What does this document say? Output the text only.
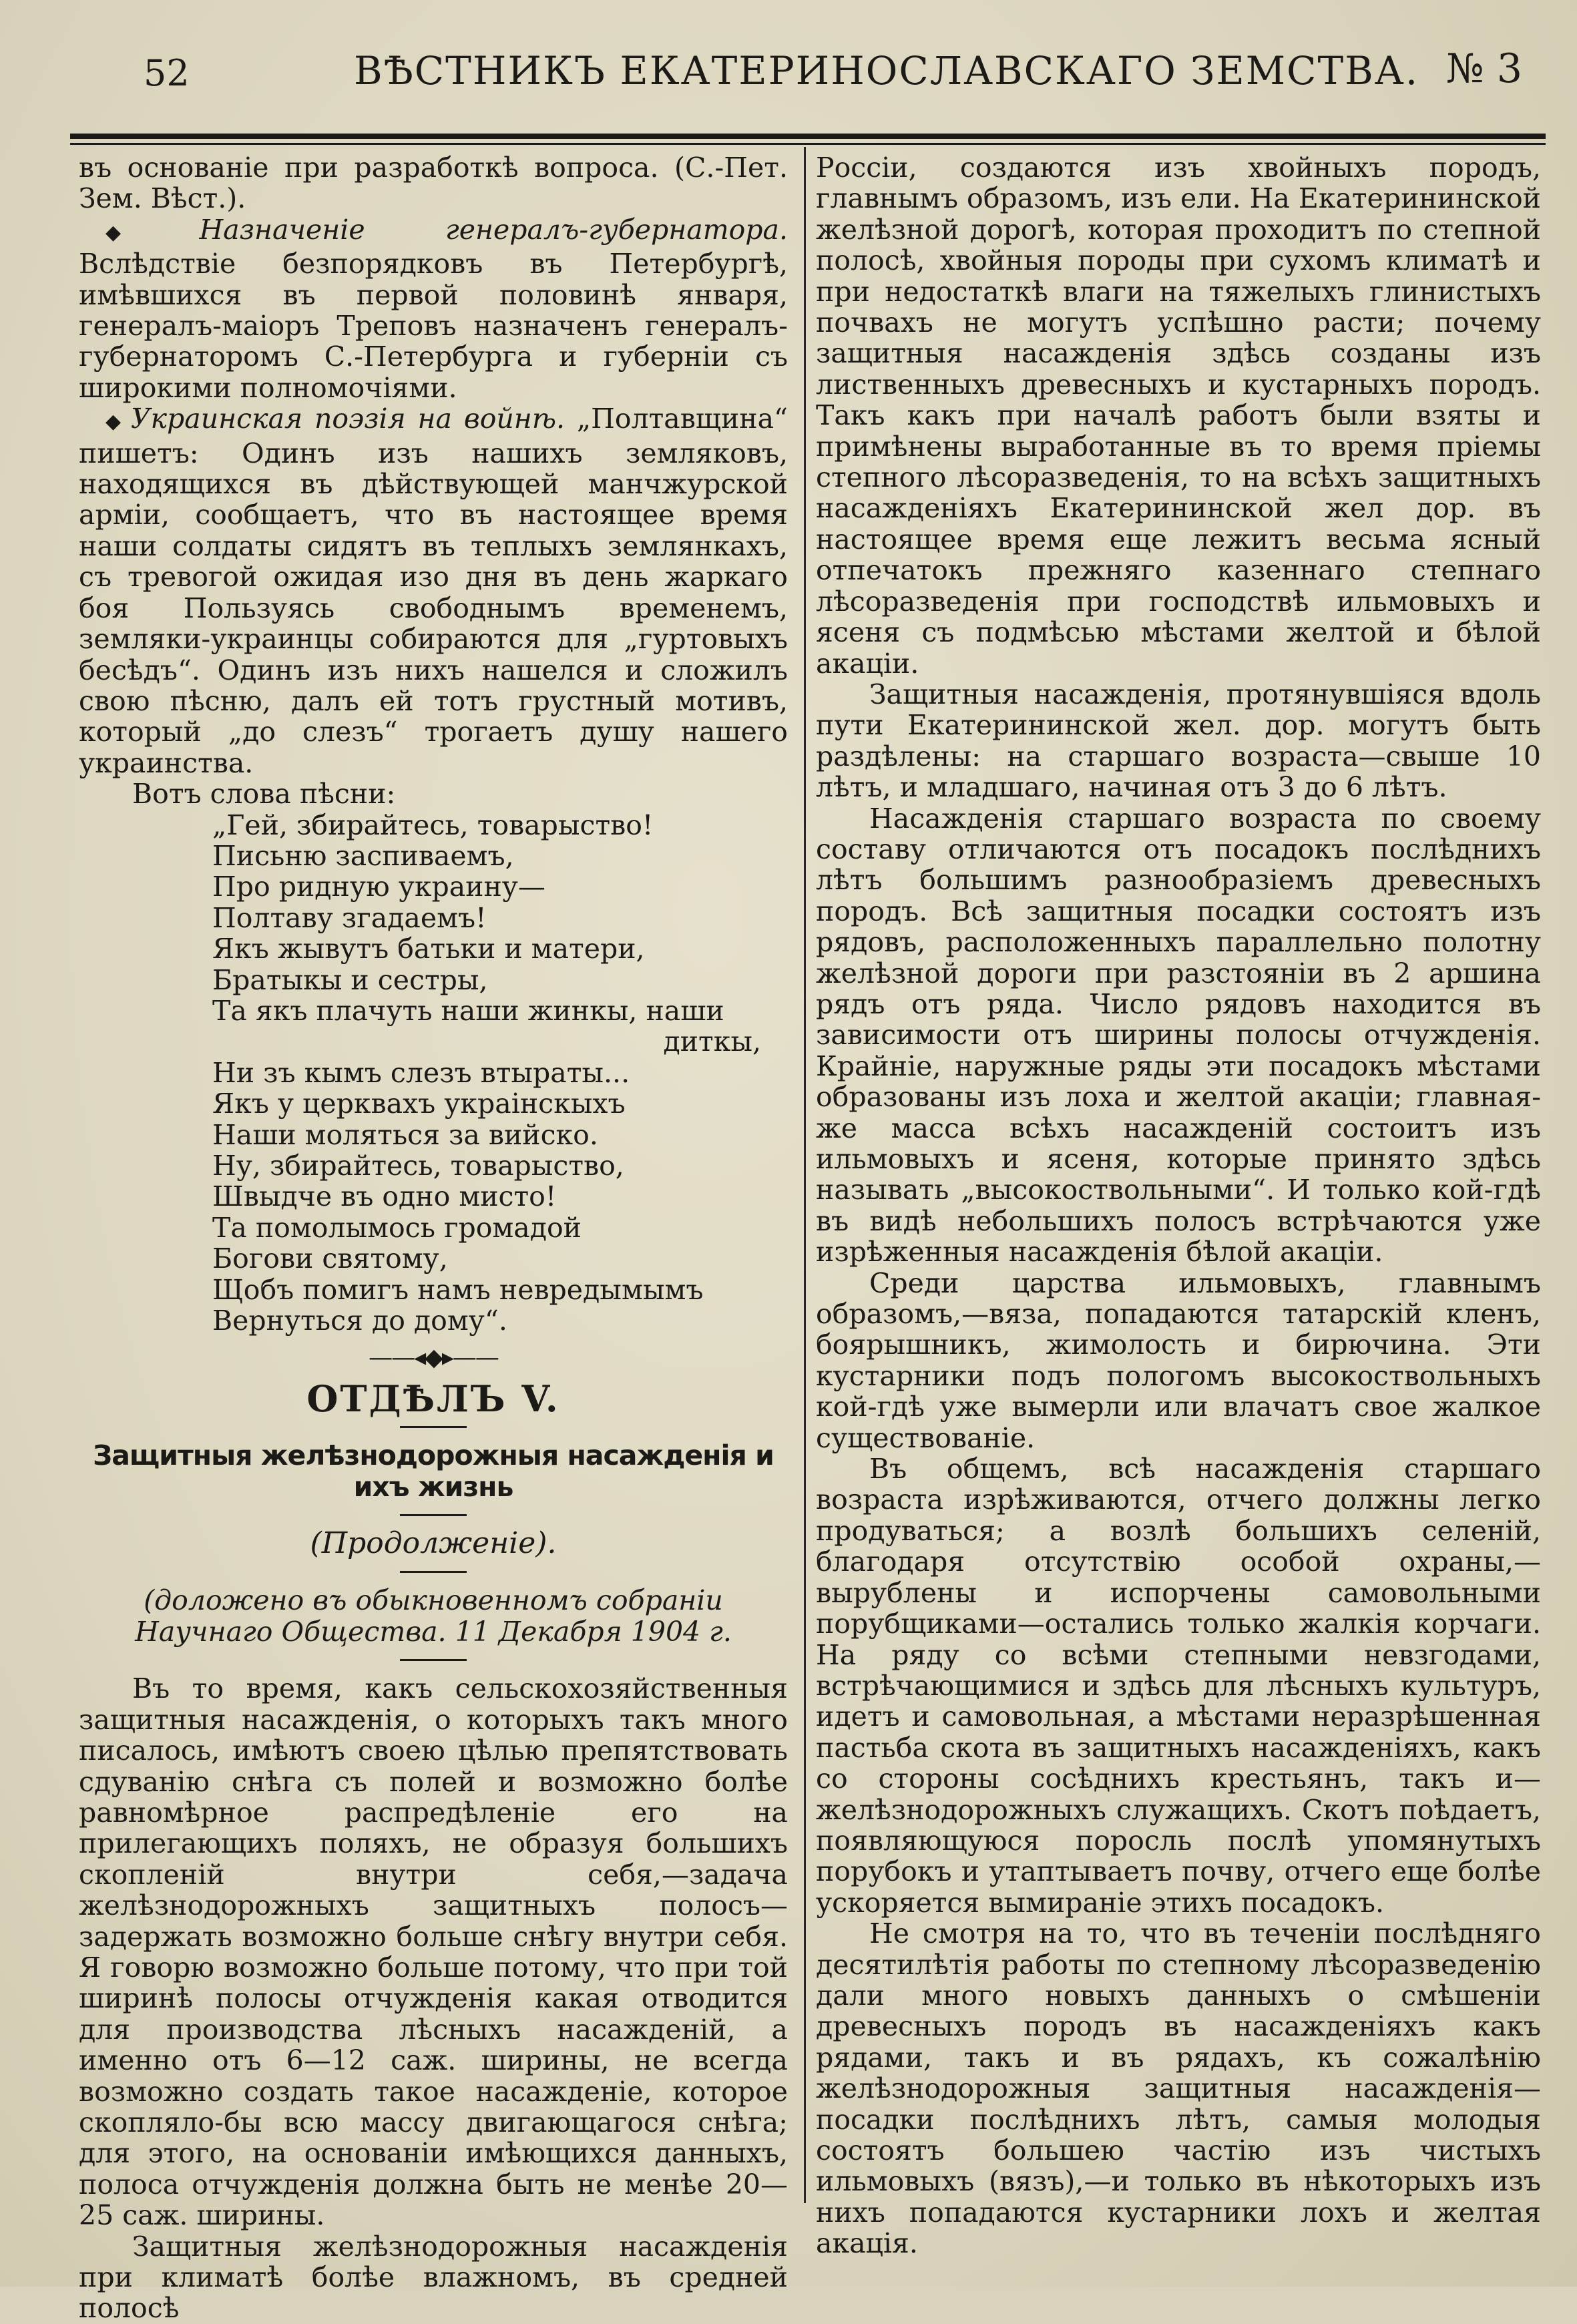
52	ВѢСТНИКЪ ЕКАТЕРИНОСЛАВСКАГО ЗЕМСТВА. № 3

въ основаніе при разработкѣ вопроса. (С.-Пет. Зем. Вѣст.).

◆ Назначеніе генералъ-губернатора. Вслѣдствіе безпорядковъ въ Петербургѣ, имѣвшихся въ первой половинѣ января, генералъ-маіоръ Треповъ назначенъ генералъ-губернаторомъ С.-Петербурга и губерніи съ широкими полномочіями.

◆ Украинская поэзія на войнѣ. „Полтавщина“ пишетъ: Одинъ изъ нашихъ земляковъ, находящихся въ дѣйствующей манчжурской арміи, сообщаетъ, что въ настоящее время наши солдаты сидятъ въ теплыхъ землянкахъ, съ тревогой ожидая изо дня въ день жаркаго боя Пользуясь свободнымъ временемъ, земляки-украинцы собираются для „гуртовыхъ бесѣдъ“. Одинъ изъ нихъ нашелся и сложилъ свою пѣсню, далъ ей тотъ грустный мотивъ, который „до слезъ“ трогаетъ душу нашего украинства.

Вотъ слова пѣсни:

„Гей, збирайтесь, товарыство!

Письню заспиваемъ,

Про ридную украину—

Полтаву згадаемъ!

Якъ жывутъ батьки и матери,

Братыкы и сестры,

Та якъ плачуть наши жинкы, наши

диткы,

Ни зъ кымъ слезъ втыраты...

Якъ у церквахъ украінскыхъ

Наши моляться за вийско.

Ну, збирайтесь, товарыство,

Швыдче въ одно мисто!

Та помолымось громадой

Богови святому,

Щобъ помигъ намъ невредымымъ

Вернуться до дому“.

——◂◆▸——

ОТДѢЛЪ V.

Защитныя желѣзнодорожныя насажденія и ихъ жизнь

(Продолженіе).

(доложено въ обыкновенномъ собраніи Научнаго Общества. 11 Декабря 1904 г.

Въ то время, какъ сельскохозяйственныя защитныя насажденія, о которыхъ такъ много писалось, имѣютъ своею цѣлью препятствовать сдуванію снѣга съ полей и возможно болѣе равномѣрное распредѣленіе его на прилегающихъ поляхъ, не образуя большихъ скопленій внутри себя,—задача желѣзнодорожныхъ защитныхъ полосъ—задержать возможно больше снѣгу внутри себя. Я говорю возможно больше потому, что при той ширинѣ полосы отчужденія какая отводится для производства лѣсныхъ насажденій, а именно отъ 6—12 саж. ширины, не всегда возможно создать такое насажденіе, которое скопляло-бы всю массу двигающагося снѣга; для этого, на основаніи имѣющихся данныхъ, полоса отчужденія должна быть не менѣе 20—25 саж. ширины.

Защитныя желѣзнодорожныя насажденія при климатѣ болѣе влажномъ, въ средней полосѣ

Россіи, создаются изъ хвойныхъ породъ, главнымъ образомъ, изъ ели. На Екатерининской желѣзной дорогѣ, которая проходитъ по степной полосѣ, хвойныя породы при сухомъ климатѣ и при недостаткѣ влаги на тяжелыхъ глинистыхъ почвахъ не могутъ успѣшно расти; почему защитныя насажденія здѣсь созданы изъ лиственныхъ древесныхъ и кустарныхъ породъ. Такъ какъ при началѣ работъ были взяты и примѣнены выработанные въ то время пріемы степного лѣсоразведенія, то на всѣхъ защитныхъ насажденіяхъ Екатерининской жел дор. въ настоящее время еще лежитъ весьма ясный отпечатокъ прежняго казеннаго степнаго лѣсоразведенія при господствѣ ильмовыхъ и ясеня съ подмѣсью мѣстами желтой и бѣлой акаціи.

Защитныя насажденія, протянувшіяся вдоль пути Екатерининской жел. дор. могутъ быть раздѣлены: на старшаго возраста—свыше 10 лѣтъ, и младшаго, начиная отъ 3 до 6 лѣтъ.

Насажденія старшаго возраста по своему составу отличаются отъ посадокъ послѣднихъ лѣтъ большимъ разнообразіемъ древесныхъ породъ. Всѣ защитныя посадки состоятъ изъ рядовъ, расположенныхъ параллельно полотну желѣзной дороги при разстояніи въ 2 аршина рядъ отъ ряда. Число рядовъ находится въ зависимости отъ ширины полосы отчужденія. Крайніе, наружные ряды эти посадокъ мѣстами образованы изъ лоха и желтой акаціи; главная-же масса всѣхъ насажденій состоитъ изъ ильмовыхъ и ясеня, которые принято здѣсь называть „высокоствольными“. И только кой-гдѣ въ видѣ небольшихъ полосъ встрѣчаются уже изрѣженныя насажденія бѣлой акаціи.

Среди царства ильмовыхъ, главнымъ образомъ,—вяза, попадаются татарскій кленъ, боярышникъ, жимолость и бирючина. Эти кустарники подъ пологомъ высокоствольныхъ кой-гдѣ уже вымерли или влачатъ свое жалкое существованіе.

Въ общемъ, всѣ насажденія старшаго возраста изрѣживаются, отчего должны легко продуваться; а возлѣ большихъ селеній, благодаря отсутствію особой охраны,—вырублены и испорчены самовольными порубщиками—остались только жалкія корчаги. На ряду со всѣми степными невзгодами, встрѣчающимися и здѣсь для лѣсныхъ культуръ, идетъ и самовольная, а мѣстами неразрѣшенная пастьба скота въ защитныхъ насажденіяхъ, какъ со стороны сосѣднихъ крестьянъ, такъ и—желѣзнодорожныхъ служащихъ. Скотъ поѣдаетъ, появляющуюся поросль послѣ упомянутыхъ порубокъ и утаптываетъ почву, отчего еще болѣе ускоряется вымираніе этихъ посадокъ.

Не смотря на то, что въ теченіи послѣдняго десятилѣтія работы по степному лѣсоразведенію дали много новыхъ данныхъ о смѣшеніи древесныхъ породъ въ насажденіяхъ какъ рядами, такъ и въ рядахъ, къ сожалѣнію желѣзнодорожныя защитныя насажденія—посадки послѣднихъ лѣтъ, самыя молодыя состоятъ большею частію изъ чистыхъ ильмовыхъ (вязъ),—и только въ нѣкоторыхъ изъ нихъ попадаются кустарники лохъ и желтая акація.
